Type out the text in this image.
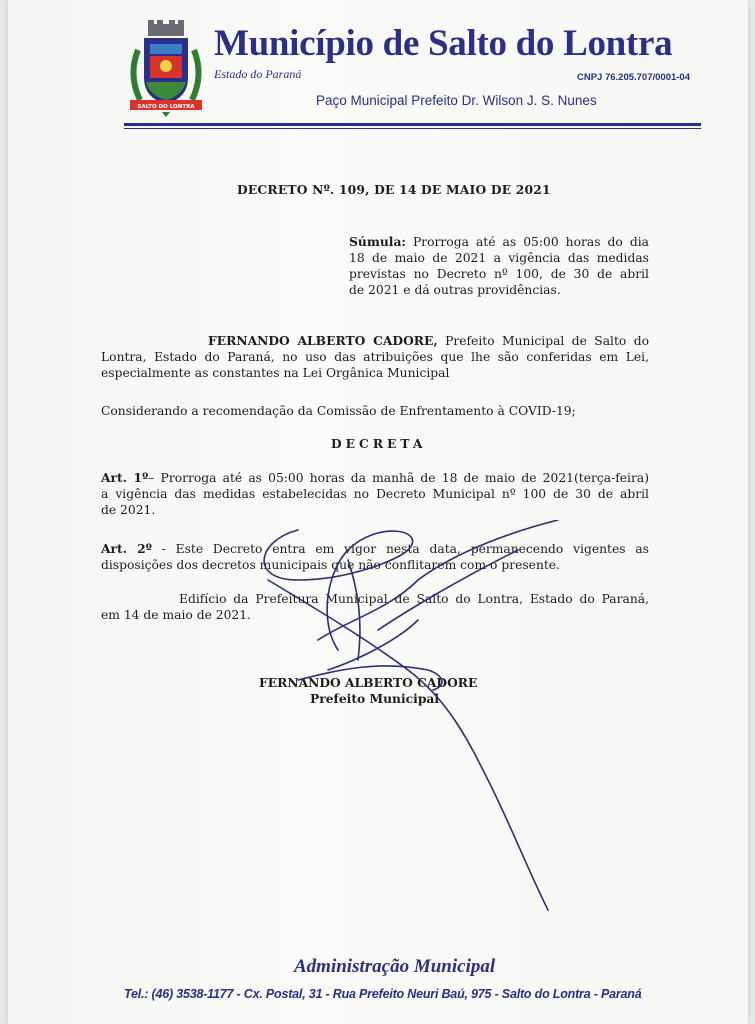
SALTO DO LONTRA
Município de Salto do Lontra
Estado do Paraná	CNPJ 76.205.707/0001-04
Paço Municipal Prefeito Dr. Wilson J. S. Nunes
DECRETO Nº. 109, DE 14 DE MAIO DE 2021
Súmula: Prorroga até as 05:00 horas do dia
18 de maio de 2021 a vigência das medidas
previstas no Decreto nº 100, de 30 de abril
de 2021 e dá outras providências.
FERNANDO ALBERTO CADORE, Prefeito Municipal de Salto do
Lontra, Estado do Paraná, no uso das atribuições que lhe são conferidas em Lei,
especialmente as constantes na Lei Orgânica Municipal
Considerando a recomendação da Comissão de Enfrentamento à COVID-19;
DECRETA
Art. 1º– Prorroga até as 05:00 horas da manhã de 18 de maio de 2021(terça-feira)
a vigência das medidas estabelecidas no Decreto Municipal nº 100 de 30 de abril
de 2021.
Art. 2º - Este Decreto entra em vigor nesta data, permanecendo vigentes as
disposições dos decretos municipais que não conflitarem com o presente.
Edifício da Prefeitura Municipal de Salto do Lontra, Estado do Paraná,
em 14 de maio de 2021.
FERNANDO ALBERTO CADORE
Prefeito Municipal
Administração Municipal
Tel.: (46) 3538-1177 - Cx. Postal, 31 - Rua Prefeito Neuri Baú, 975 - Salto do Lontra - Paraná
